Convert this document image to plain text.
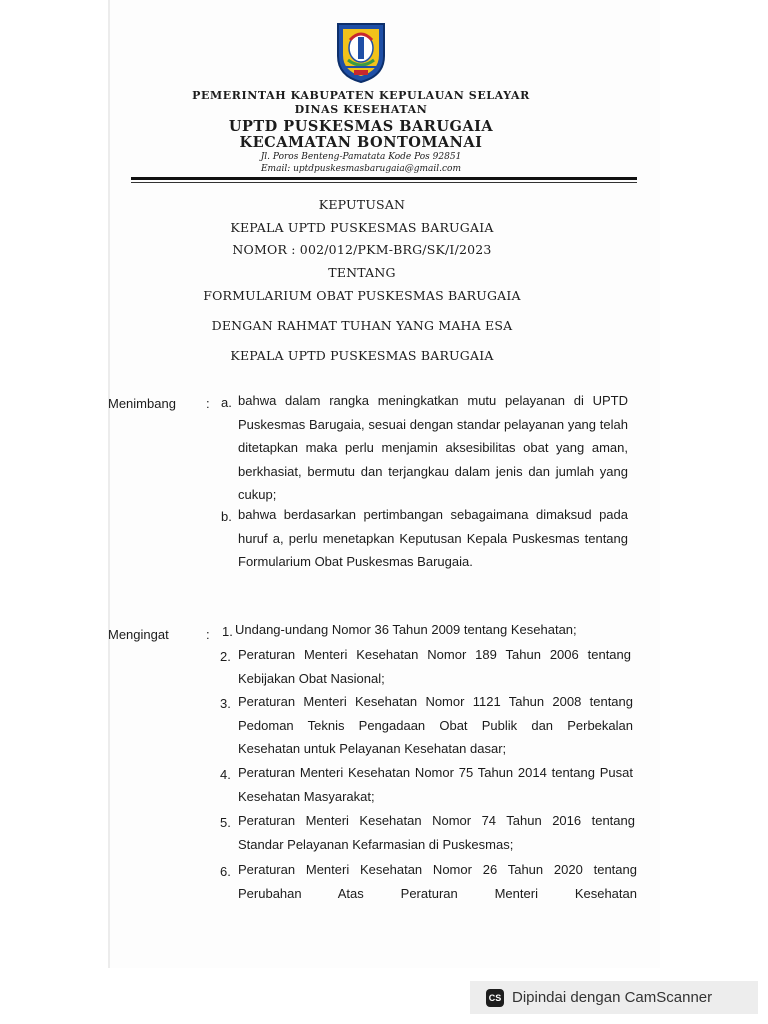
PEMERINTAH KABUPATEN KEPULAUAN SELAYAR
DINAS KESEHATAN
UPTD PUSKESMAS BARUGAIA
KECAMATAN BONTOMANAI
Jl. Poros Benteng-Pamatata Kode Pos 92851
Email: uptdpuskesmasbarugaia@gmail.com
KEPUTUSAN
KEPALA UPTD PUSKESMAS BARUGAIA
NOMOR : 002/012/PKM-BRG/SK/I/2023
TENTANG
FORMULARIUM OBAT PUSKESMAS BARUGAIA
DENGAN RAHMAT TUHAN YANG MAHA ESA
KEPALA UPTD PUSKESMAS BARUGAIA
Menimbang : a. bahwa dalam rangka meningkatkan mutu pelayanan di UPTD Puskesmas Barugaia, sesuai dengan standar pelayanan yang telah ditetapkan maka perlu menjamin aksesibilitas obat yang aman, berkhasiat, bermutu dan terjangkau dalam jenis dan jumlah yang cukup;
b. bahwa berdasarkan pertimbangan sebagaimana dimaksud pada huruf a, perlu menetapkan Keputusan Kepala Puskesmas tentang Formularium Obat Puskesmas Barugaia.
Mengingat	: 1. Undang-undang Nomor 36 Tahun 2009 tentang Kesehatan;
2. Peraturan Menteri Kesehatan Nomor 189 Tahun 2006 tentang Kebijakan Obat Nasional;
3. Peraturan Menteri Kesehatan Nomor 1121 Tahun 2008 tentang Pedoman Teknis Pengadaan Obat Publik dan Perbekalan Kesehatan untuk Pelayanan Kesehatan dasar;
4. Peraturan Menteri Kesehatan Nomor 75 Tahun 2014 tentang Pusat Kesehatan Masyarakat;
5. Peraturan Menteri Kesehatan Nomor 74 Tahun 2016 tentang Standar Pelayanan Kefarmasian di Puskesmas;
6. Peraturan Menteri Kesehatan Nomor 26 Tahun 2020 tentang Perubahan Atas Peraturan Menteri Kesehatan
CS Dipindai dengan CamScanner
